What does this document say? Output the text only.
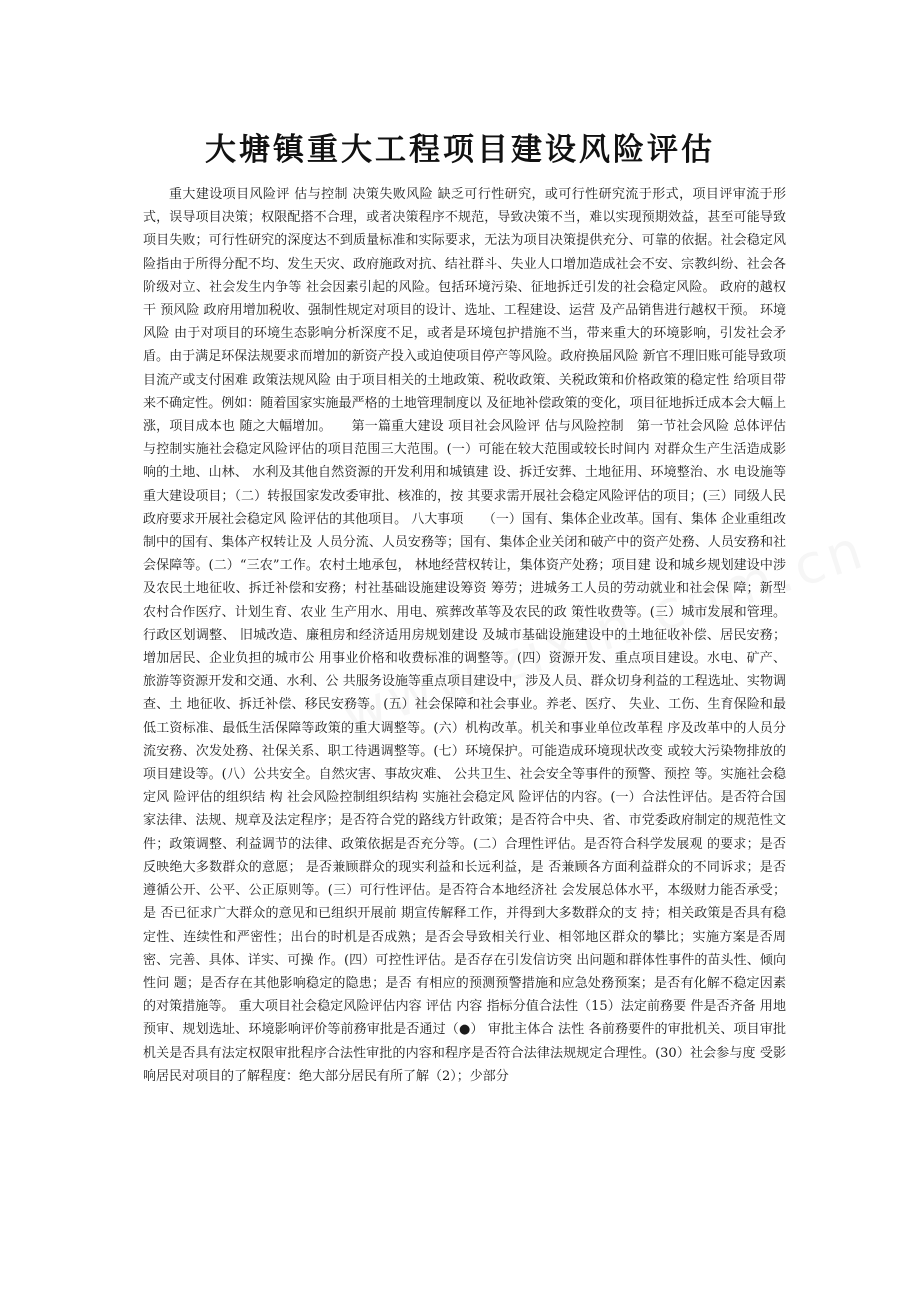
大塘镇重大工程项目建设风险评估

重大建设项目风险评 估与控制 决策失败风险 缺乏可行性研究，或可行性研究流于形式，项目评审流于形式，误导项目决策；权限配搭不合理，或者决策程序不规范，导致决策不当，难以实现预期效益，甚至可能导致项目失败；可行性研究的深度达不到质量标准和实际要求，无法为项目决策提供充分、可靠的依据。社会稳定风险指由于所得分配不均、发生天灾、政府施政对抗、结社群斗、失业人口增加造成社会不安、宗教纠纷、社会各阶级对立、社会发生内争等 社会因素引起的风险。包括环境污染、征地拆迁引发的社会稳定风险。 政府的越权干 预风险 政府用增加税收、强制性规定对项目的设计、选址、工程建设、运营 及产品销售进行越权干预。 环境风险 由于对项目的环境生态影响分析深度不足，或者是环境包护措施不当，带来重大的环境影响，引发社会矛盾。由于满足环保法规要求而增加的新资产投入或迫使项目停产等风险。政府换届风险 新官不理旧账可能导致项目流产或支付困难 政策法规风险 由于项目相关的土地政策、税收政策、关税政策和价格政策的稳定性 给项目带来不确定性。例如：随着国家实施最严格的土地管理制度以 及征地补偿政策的变化，项目征地拆迁成本会大幅上涨，项目成本也 随之大幅增加。　　第一篇重大建设 项目社会风险评 估与风险控制　第一节社会风险 总体评估与控制实施社会稳定风险评估的项目范围三大范围。(一）可能在较大范围或较长时间内 对群众生产生活造成影响的土地、山林、 水利及其他自然资源的开发利用和城镇建 设、拆迁安葬、土地征用、环境整治、水 电设施等重大建设项目；（二）转报国家发改委审批、核准的，按 其要求需开展社会稳定风险评估的项目；(三）同级人民政府要求开展社会稳定风 险评估的其他项目。 八大事项　　（一）国有、集体企业改革。国有、集体 企业重组改制中的国有、集体产权转让及 人员分流、人员安務等；国有、集体企业关闭和破产中的资产处務、人员安務和社 会保障等。(二）“三农”工作。农村土地承包， 林地经营权转让，集体资产处務；项目建 设和城乡规划建设中涉及农民土地征收、拆迁补偿和安務；村社基础设施建设筹资 筹劳；进城务工人员的劳动就业和社会保 障；新型农村合作医疗、计划生育、农业 生产用水、用电、殡葬改革等及农民的政 策性收费等。(三）城市发展和管理。行政区划调整、 旧城改造、廉租房和经济适用房规划建设 及城市基础设施建设中的土地征收补偿、居民安務；增加居民、企业负担的城市公 用事业价格和收费标准的调整等。(四）资源开发、重点项目建设。水电、矿产、旅游等资源开发和交通、水利、公 共服务设施等重点项目建设中，涉及人员、群众切身利益的工程选址、实物调查、土 地征收、拆迁补偿、移民安務等。(五）社会保障和社会事业。养老、医疗、 失业、工伤、生育保险和最低工资标准、最低生活保障等政策的重大调整等。(六）机构改革。机关和事业单位改革程 序及改革中的人员分流安務、次发处務、社保关系、职工待遇调整等。(七）环境保护。可能造成环境现状改变 或较大污染物排放的项目建设等。(八）公共安全。自然灾害、事故灾难、 公共卫生、社会安全等事件的预警、预控 等。实施社会稳定风 险评估的组织结 构 社会风险控制组织结构 实施社会稳定风 险评估的内容。(一）合法性评估。是否符合国家法律、法规、规章及法定程序；是否符合党的路线方针政策；是否符合中央、省、市党委政府制定的规范性文件；政策调整、利益调节的法律、政策依据是否充分等。(二）合理性评估。是否符合科学发展观 的要求；是否反映绝大多数群众的意愿； 是否兼顾群众的现实利益和长远利益，是 否兼顾各方面利益群众的不同诉求；是否 遵循公开、公平、公正原则等。(三）可行性评估。是否符合本地经济社 会发展总体水平，本级财力能否承受；是 否已征求广大群众的意见和已组织开展前 期宣传解释工作，并得到大多数群众的支 持；相关政策是否具有稳定性、连续性和严密性；出台的时机是否成熟；是否会导致相关行业、相邻地区群众的攀比；实施方案是否周密、完善、具体、详实、可操 作。(四）可控性评估。是否存在引发信访突 出问题和群体性事件的苗头性、倾向性问 题；是否存在其他影响稳定的隐患；是否 有相应的预测预警措施和应急处務预案；是否有化解不稳定因素的对策措施等。 重大项目社会稳定风险评估内容 评估 内容 指标分值合法性（15）法定前務要 件是否齐备 用地预审、规划选址、环境影响评价等前務审批是否通过（●） 审批主体合 法性 各前務要件的审批机关、项目审批机关是否具有法定权限审批程序合法性审批的内容和程序是否符合法律法规规定合理性。(30）社会参与度 受影响居民对项目的了解程度：绝大部分居民有所了解（2）；少部分
